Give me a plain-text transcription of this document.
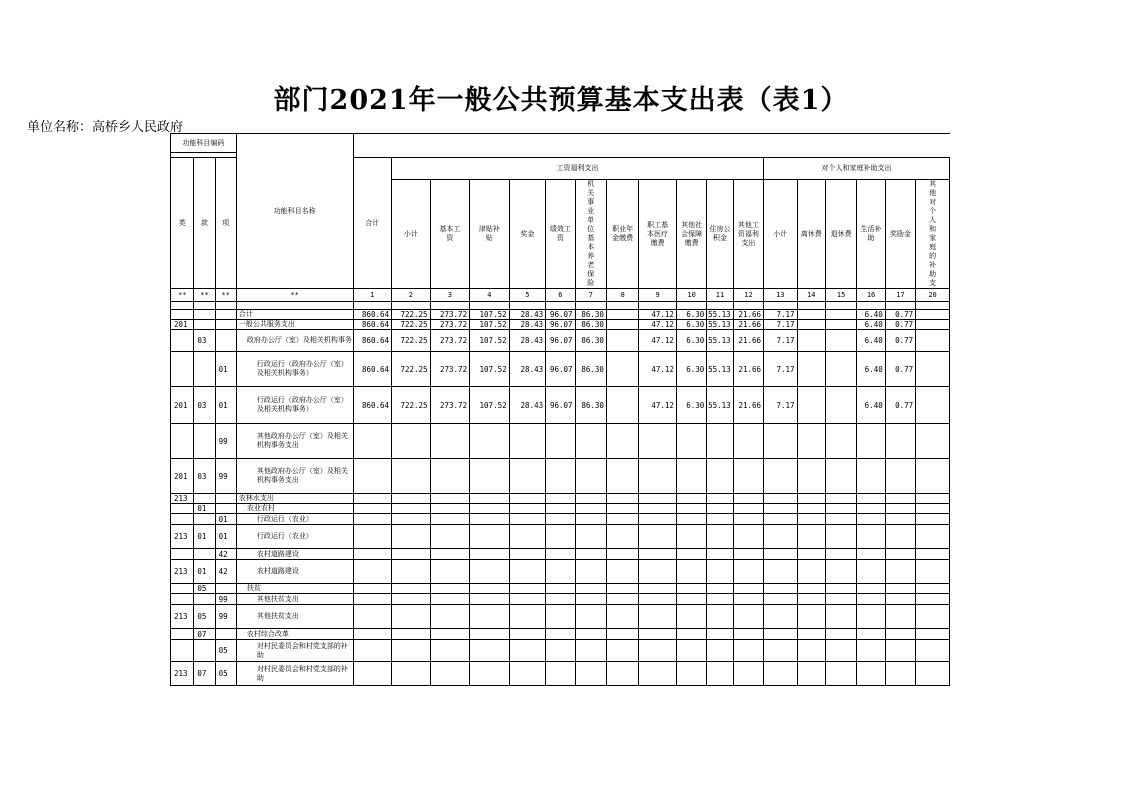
部门2021年一般公共预算基本支出表（表1）
单位名称：高桥乡人民政府
功能科目编码			功能科目名称																		

类	款	项		合计	工资福利支出											对个人和家庭补助支出					
					小计	基本工资	津贴补贴	奖金	绩效工资	机关事业单位基本养老保险	职业年金缴费	职工基本医疗缴费	其他社会保障缴费	住房公积金	其他工资福利支出	小计	离休费	退休费	生活补助	奖励金	其他对个人和家庭的补助支
**	**	**	**	1	2	3	4	5	6	7	8	9	10	11	12	13	14	15	16	17	20

			合计	860.64	722.25	273.72	107.52	28.43	96.07	86.30		47.12	6.30	55.13	21.66	7.17			6.40	0.77	
201			一般公共服务支出	860.64	722.25	273.72	107.52	28.43	96.07	86.30		47.12	6.30	55.13	21.66	7.17			6.40	0.77	
	03		政府办公厅（室）及相关机构事务	860.64	722.25	273.72	107.52	28.43	96.07	86.30		47.12	6.30	55.13	21.66	7.17			6.40	0.77	
		01	行政运行（政府办公厅（室）及相关机构事务）	860.64	722.25	273.72	107.52	28.43	96.07	86.30		47.12	6.30	55.13	21.66	7.17			6.40	0.77	
201	03	01	行政运行（政府办公厅（室）及相关机构事务）	860.64	722.25	273.72	107.52	28.43	96.07	86.30		47.12	6.30	55.13	21.66	7.17			6.40	0.77	
		99	其他政府办公厅（室）及相关机构事务支出																		
201	03	99	其他政府办公厅（室）及相关机构事务支出																		
213			农林水支出																		
	01		农业农村																		
		01	行政运行（农业）																		
213	01	01	行政运行（农业）																		
		42	农村道路建设																		
213	01	42	农村道路建设																		
	05		扶贫																		
		99	其他扶贫支出																		
213	05	99	其他扶贫支出																		
	07		农村综合改革																		
		05	对村民委员会和村党支部的补助																		
213	07	05	对村民委员会和村党支部的补助																		
